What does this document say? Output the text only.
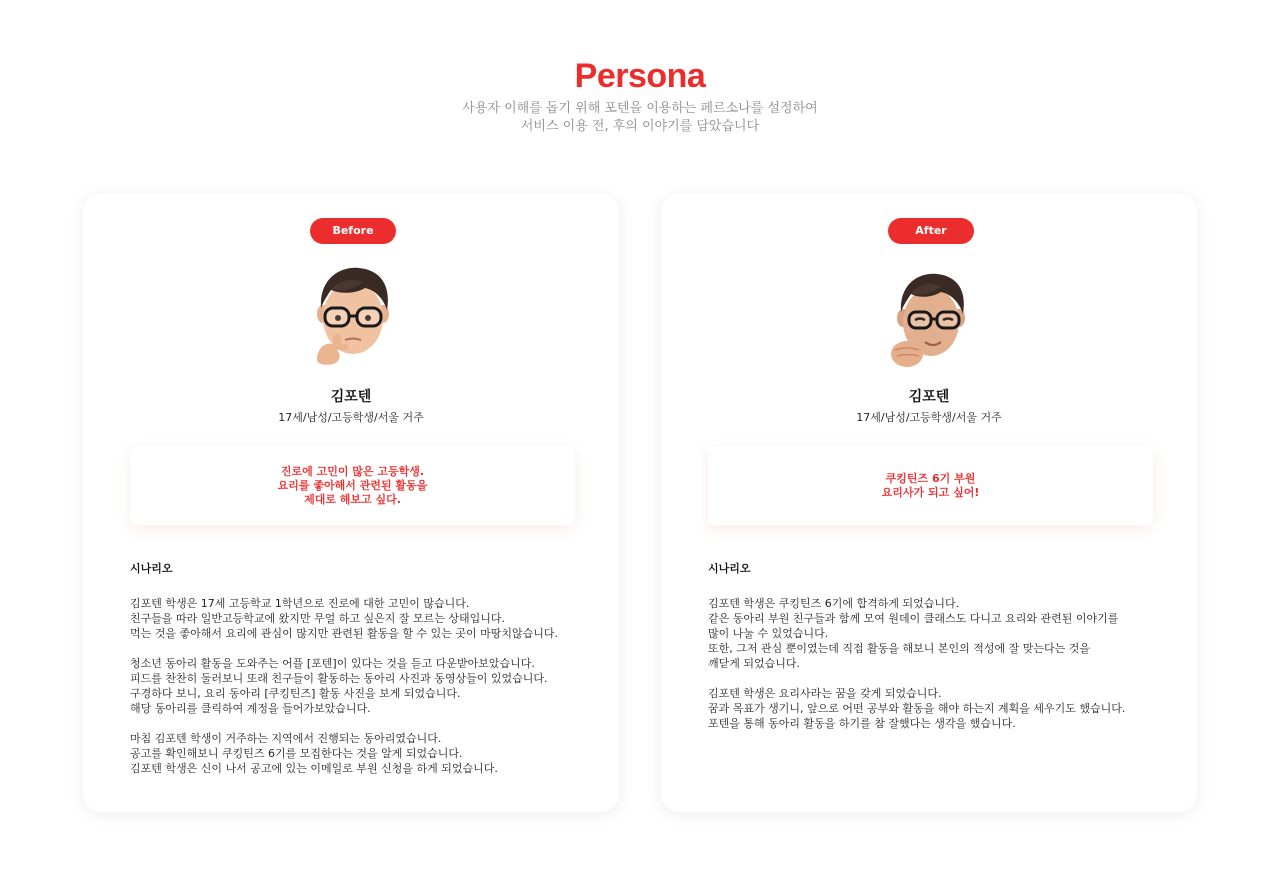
Persona
사용자 이해를 돕기 위해 포텐을 이용하는 페르소나를 설정하여
서비스 이용 전, 후의 이야기를 담았습니다
Before
김포텐
17세/남성/고등학생/서울 거주
진로에 고민이 많은 고등학생.
요리를 좋아해서 관련된 활동을
제대로 해보고 싶다.
시나리오
김포텐 학생은 17세 고등학교 1학년으로 진로에 대한 고민이 많습니다.
친구들을 따라 일반고등학교에 왔지만 무얼 하고 싶은지 잘 모르는 상태입니다.
먹는 것을 좋아해서 요리에 관심이 많지만 관련된 활동을 할 수 있는 곳이 마땅치않습니다.
청소년 동아리 활동을 도와주는 어플 [포텐]이 있다는 것을 듣고 다운받아보았습니다.
피드를 찬찬히 둘러보니 또래 친구들이 활동하는 동아리 사진과 동영상들이 있었습니다.
구경하다 보니, 요리 동아리 [쿠킹틴즈] 활동 사진을 보게 되었습니다.
해당 동아리를 클릭하여 계정을 들어가보았습니다.
마침 김포텐 학생이 거주하는 지역에서 진행되는 동아리였습니다.
공고를 확인해보니 쿠킹틴즈 6기를 모집한다는 것을 알게 되었습니다.
김포텐 학생은 신이 나서 공고에 있는 이메일로 부원 신청을 하게 되었습니다.
After
김포텐
17세/남성/고등학생/서울 거주
쿠킹틴즈 6기 부원
요리사가 되고 싶어!
시나리오
김포텐 학생은 쿠킹틴즈 6기에 합격하게 되었습니다.
같은 동아리 부원 친구들과 함께 모여 원데이 클래스도 다니고 요리와 관련된 이야기를
많이 나눌 수 있었습니다.
또한, 그저 관심 뿐이였는데 직접 활동을 해보니 본인의 적성에 잘 맞는다는 것을
깨닫게 되었습니다.
김포텐 학생은 요리사라는 꿈을 갖게 되었습니다.
꿈과 목표가 생기니, 앞으로 어떤 공부와 활동을 해야 하는지 계획을 세우기도 했습니다.
포텐을 통해 동아리 활동을 하기를 참 잘했다는 생각을 했습니다.
